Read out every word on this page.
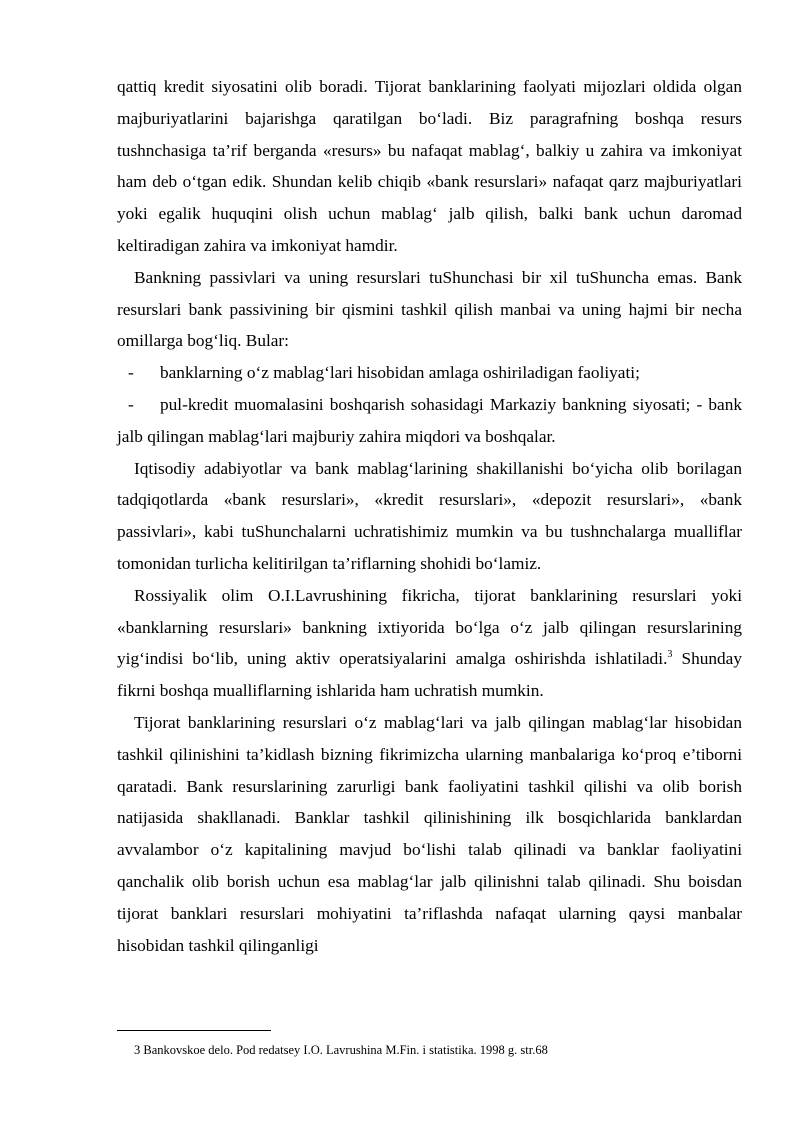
qattiq kredit siyosatini olib boradi. Tijorat banklarining faolyati mijozlari oldida olgan majburiyatlarini bajarishga qaratilgan bo‘ladi. Biz paragrafning boshqa resurs tushnchasiga ta’rif berganda «resurs» bu nafaqat mablag‘, balkiy u zahira va imkoniyat ham deb o‘tgan edik. Shundan kelib chiqib «bank resurslari» nafaqat qarz majburiyatlari yoki egalik huquqini olish uchun mablag‘ jalb qilish, balki bank uchun daromad keltiradigan zahira va imkoniyat hamdir.

Bankning passivlari va uning resurslari tuShunchasi bir xil tuShuncha emas. Bank resurslari bank passivining bir qismini tashkil qilish manbai va uning hajmi bir necha omillarga bog‘liq. Bular:

- banklarning o‘z mablag‘lari hisobidan amlaga oshiriladigan faoliyati;

- pul-kredit muomalasini boshqarish sohasidagi Markaziy bankning siyosati; - bank jalb qilingan mablag‘lari majburiy zahira miqdori va boshqalar.

Iqtisodiy adabiyotlar va bank mablag‘larining shakillanishi bo‘yicha olib borilagan tadqiqotlarda «bank resurslari», «kredit resurslari», «depozit resurslari», «bank passivlari», kabi tuShunchalarni uchratishimiz mumkin va bu tushnchalarga mualliflar tomonidan turlicha kelitirilgan ta’riflarning shohidi bo‘lamiz.

Rossiyalik olim O.I.Lavrushining fikricha, tijorat banklarining resurslari yoki «banklarning resurslari» bankning ixtiyorida bo‘lga o‘z jalb qilingan resurslarining yig‘indisi bo‘lib, uning aktiv operatsiyalarini amalga oshirishda ishlatiladi.$^3$ Shunday fikrni boshqa mualliflarning ishlarida ham uchratish mumkin.

Tijorat banklarining resurslari o‘z mablag‘lari va jalb qilingan mablag‘lar hisobidan tashkil qilinishini ta’kidlash bizning fikrimizcha ularning manbalariga ko‘proq e’tiborni qaratadi. Bank resurslarining zarurligi bank faoliyatini tashkil qilishi va olib borish natijasida shakllanadi. Banklar tashkil qilinishining ilk bosqichlarida banklardan avvalambor o‘z kapitalining mavjud bo‘lishi talab qilinadi va banklar faoliyatini qanchalik olib borish uchun esa mablag‘lar jalb qilinishni talab qilinadi. Shu boisdan tijorat banklari resurslari mohiyatini ta’riflashda nafaqat ularning qaysi manbalar hisobidan tashkil qilinganligi

3 Bankovskoe delo. Pod redatsey I.O. Lavrushina M.Fin. i statistika. 1998 g. str.68
